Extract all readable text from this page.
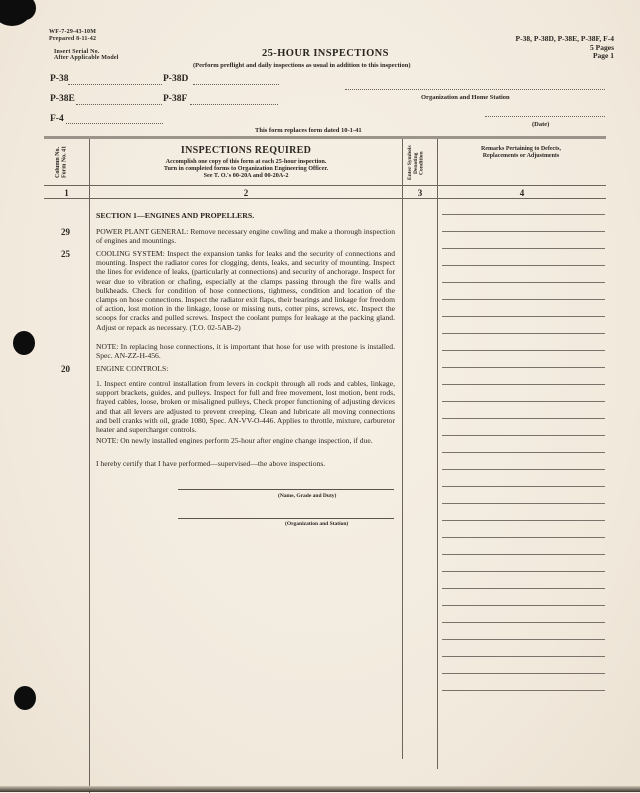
WF-7-29-43-10M
Prepared 8-11-42
Insert Serial No.
After Applicable Model	25-HOUR INSPECTIONS
(Perform preflight and daily inspections as usual in addition to this inspection)
P-38, P-38D, P-38E, P-38F, F-4
5 Pages
Page 1
P-38	P-38D
P-38E	P-38F
F-4
Organization and Home Station
(Date)
This form replaces form dated 10-1-41
Column No. Form No. 41	INSPECTIONS REQUIRED
Accomplish one copy of this form at each 25-hour inspection.
Turn in completed forms to Organization Engineering Officer.
See T. O.'s 00-20A and 00-20A-2	Enter Symbols Denoting Condition
Remarks Pertaining to Defects, Replacements or Adjustments
1	2	3	4
SECTION 1—ENGINES AND PROPELLERS.
29	POWER PLANT GENERAL: Remove necessary engine cowling and make a thorough inspection of engines and mountings.
25	COOLING SYSTEM: Inspect the expansion tanks for leaks and the security of connections and mounting. Inspect the radiator cores for clogging, dents, leaks, and security of mounting. Inspect the lines for evidence of leaks, (particularly at connections) and security of anchorage. Inspect for wear due to vibration or chafing, especially at the clamps passing through the fire walls and bulkheads. Check for condition of hose connections, tightness, condition and location of the clamps on hose connections. Inspect the radiator exit flaps, their bearings and linkage for freedom of action, lost motion in the linkage, loose or missing nuts, cotter pins, screws, etc. Inspect the scoops for cracks and pulled screws. Inspect the coolant pumps for leakage at the packing gland. Adjust or repack as necessary. (T.O. 02-5AB-2)
NOTE: In replacing hose connections, it is important that hose for use with prestone is installed. Spec. AN-ZZ-H-456.
20	ENGINE CONTROLS:
1. Inspect entire control installation from levers in cockpit through all rods and cables, linkage, support brackets, guides, and pulleys. Inspect for full and free movement, lost motion, bent rods, frayed cables, loose, broken or misaligned pulleys, Check proper functioning of adjusting devices and that all levers are adjusted to prevent creeping. Clean and lubricate all moving connections and bell cranks with oil, grade 1080, Spec. AN-VV-O-446. Applies to throttle, mixture, carburetor heater and supercharger controls.
NOTE: On newly installed engines perform 25-hour after engine change inspection, if due.
I hereby certify that I have performed—supervised—the above inspections.
(Name, Grade and Duty)
(Organization and Station)
